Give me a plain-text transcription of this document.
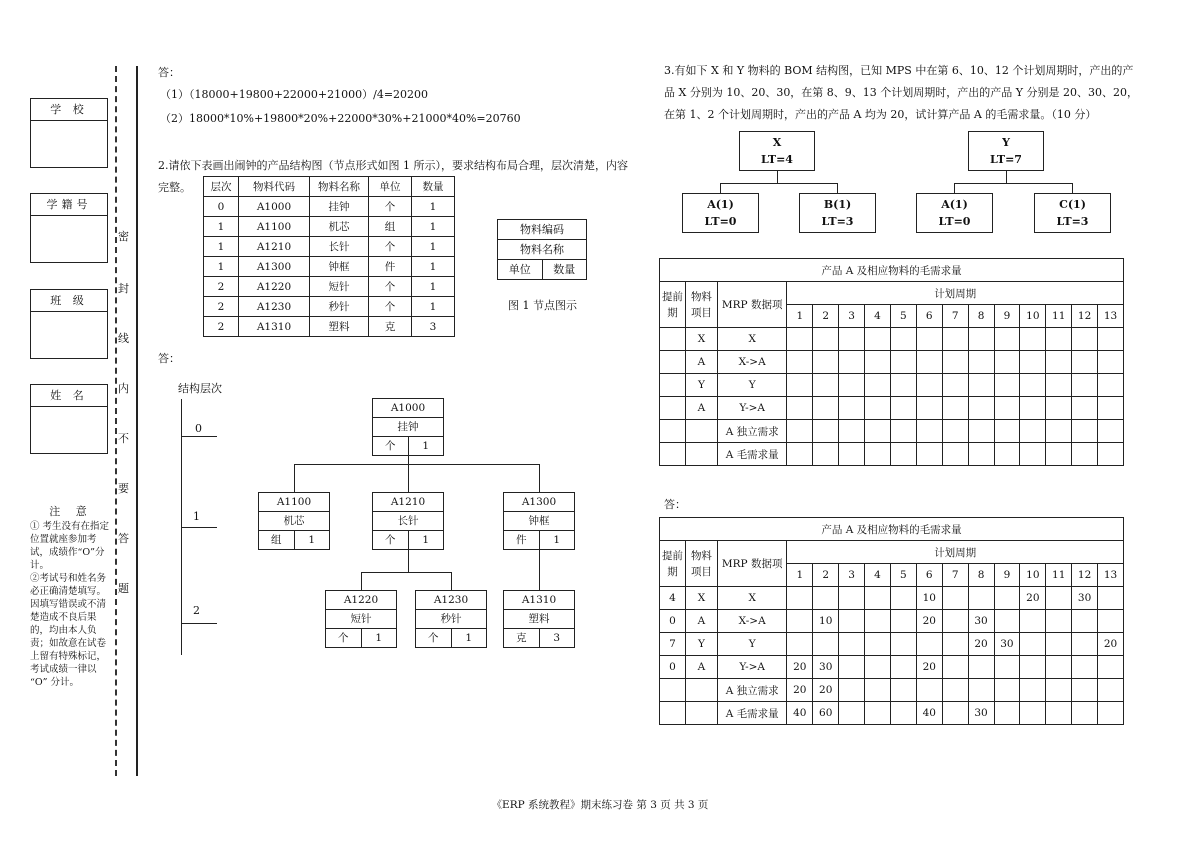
学 校
学籍号
班 级
姓 名
密
封
线
内
不
要
答
题
注 意
① 考生没有在指定位置就座参加考试，成绩作“O”分计。
②考试号和姓名务必正确清楚填写。因填写错误或不清楚造成不良后果的，均由本人负责；如故意在试卷上留有特殊标记，考试成绩一律以 “O” 分计。
答：
（1）（18000+19800+22000+21000）/4=20200
（2）18000*10%+19800*20%+22000*30%+21000*40%=20760
2.请依下表画出闹钟的产品结构图（节点形式如图 1 所示），要求结构布局合理，层次清楚，内容完整。	层次	物料代码	物料名称	单位	数量
0	A1000	挂钟	个	1
1	A1100	机芯	组	1
1	A1210	长针	个	1
1	A1300	钟框	件	1
2	A1220	短针	个	1
2	A1230	秒针	个	1
2	A1310	塑料	克	3
物料编码
物料名称
单位	数量
图 1 节点图示
答：
结构层次
0
1
2
A1000
挂钟
个	1
A1100
机芯
组	1
A1210
长针
个	1
A1300
钟框
件	1
A1220
短针
个	1
A1230
秒针
个	1
A1310
塑料
克	3
3.有如下 X 和 Y 物料的 BOM 结构图，已知 MPS 中在第 6、10、12 个计划周期时，产出的产品 X 分别为 10、20、30，在第 8、9、13 个计划周期时，产出的产品 Y 分别是 20、30、20，在第 1、2 个计划周期时，产出的产品 A 均为 20，试计算产品 A 的毛需求量。（10 分）
X
LT=4
A(1)
LT=0
B(1)
LT=3
Y
LT=7
A(1)
LT=0
C(1)
LT=3
产品 A 及相应物料的毛需求量															
提前期	物料项目	MRP 数据项	计划周期												
			1	2	3	4	5	6	7	8	9	10	11	12	13
	X	X													
	A	X->A													
	Y	Y													
	A	Y->A													
		A 独立需求													
		A 毛需求量													
答：
产品 A 及相应物料的毛需求量															
提前期	物料项目	MRP 数据项	计划周期												
			1	2	3	4	5	6	7	8	9	10	11	12	13
4	X	X						10				20		30	
0	A	X->A		10				20		30					
7	Y	Y								20	30				20
0	A	Y->A	20	30				20							
		A 独立需求	20	20											
		A 毛需求量	40	60				40		30					
《ERP 系统教程》期末练习卷 第 3 页 共 3 页
